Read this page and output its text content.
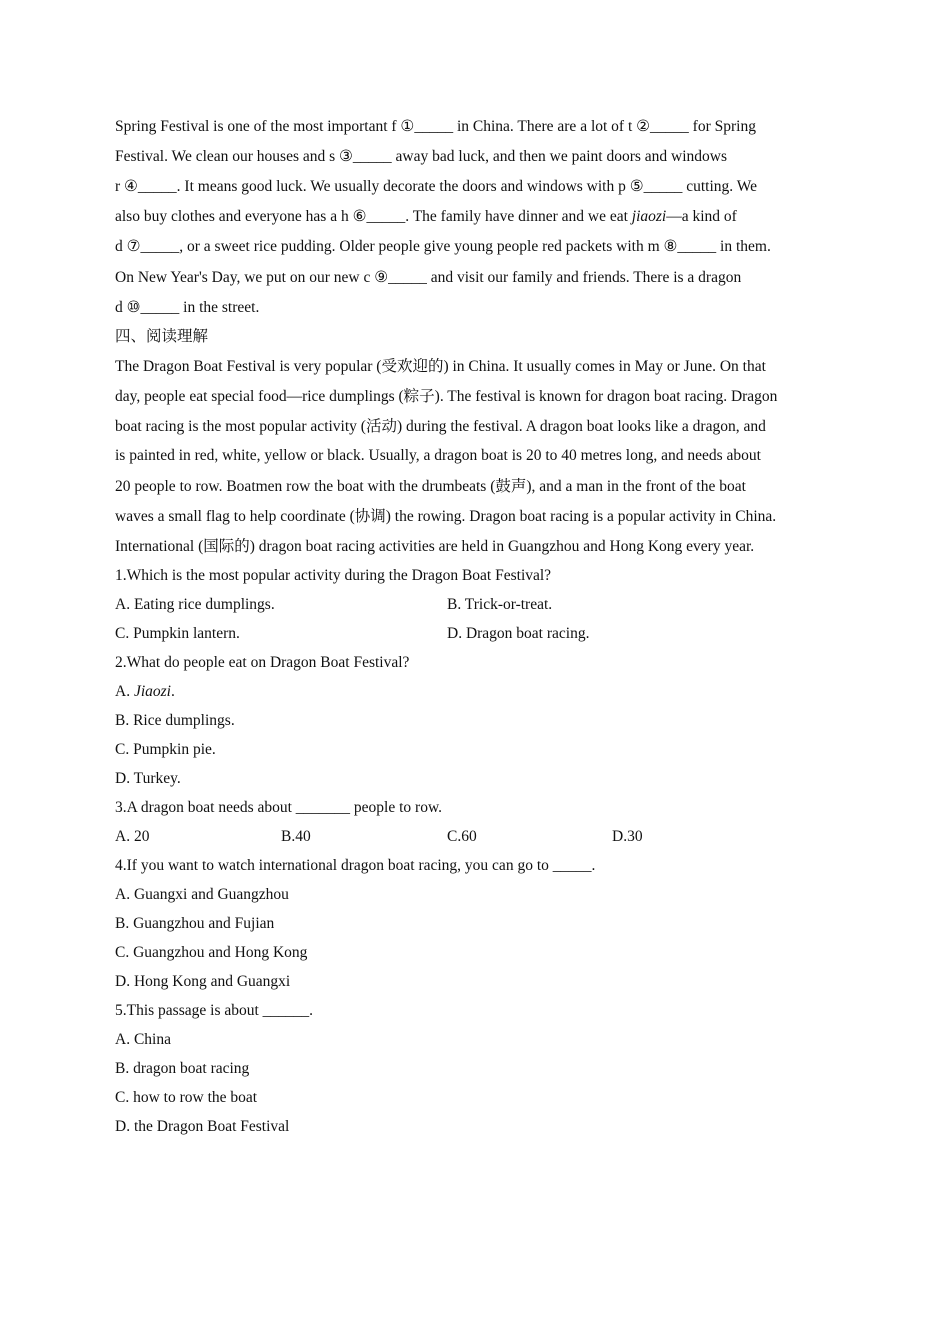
Spring Festival is one of the most important f ①_____ in China. There are a lot of t ②_____ for Spring
Festival. We clean our houses and s ③_____ away bad luck, and then we paint doors and windows
r ④_____. It means good luck. We usually decorate the doors and windows with p ⑤_____ cutting. We
also buy clothes and everyone has a h ⑥_____. The family have dinner and we eat jiaozi—a kind of
d ⑦_____, or a sweet rice pudding. Older people give young people red packets with m ⑧_____ in them.
On New Year's Day, we put on our new c ⑨_____ and visit our family and friends. There is a dragon
d ⑩_____ in the street.
四、阅读理解
The Dragon Boat Festival is very popular (受欢迎的) in China. It usually comes in May or June. On that
day, people eat special food—rice dumplings (粽子). The festival is known for dragon boat racing. Dragon
boat racing is the most popular activity (活动) during the festival. A dragon boat looks like a dragon, and
is painted in red, white, yellow or black. Usually, a dragon boat is 20 to 40 metres long, and needs about
20 people to row. Boatmen row the boat with the drumbeats (鼓声), and a man in the front of the boat
waves a small flag to help coordinate (协调) the rowing. Dragon boat racing is a popular activity in China.
International (国际的) dragon boat racing activities are held in Guangzhou and Hong Kong every year.
1.Which is the most popular activity during the Dragon Boat Festival?
A. Eating rice dumplings.	B. Trick-or-treat.
C. Pumpkin lantern.	D. Dragon boat racing.
2.What do people eat on Dragon Boat Festival?
A. Jiaozi.
B. Rice dumplings.
C. Pumpkin pie.
D. Turkey.
3.A dragon boat needs about _______ people to row.
A. 20	B.40	C.60	D.30
4.If you want to watch international dragon boat racing, you can go to _____.
A. Guangxi and Guangzhou
B. Guangzhou and Fujian
C. Guangzhou and Hong Kong
D. Hong Kong and Guangxi
5.This passage is about ______.
A. China
B. dragon boat racing
C. how to row the boat
D. the Dragon Boat Festival
